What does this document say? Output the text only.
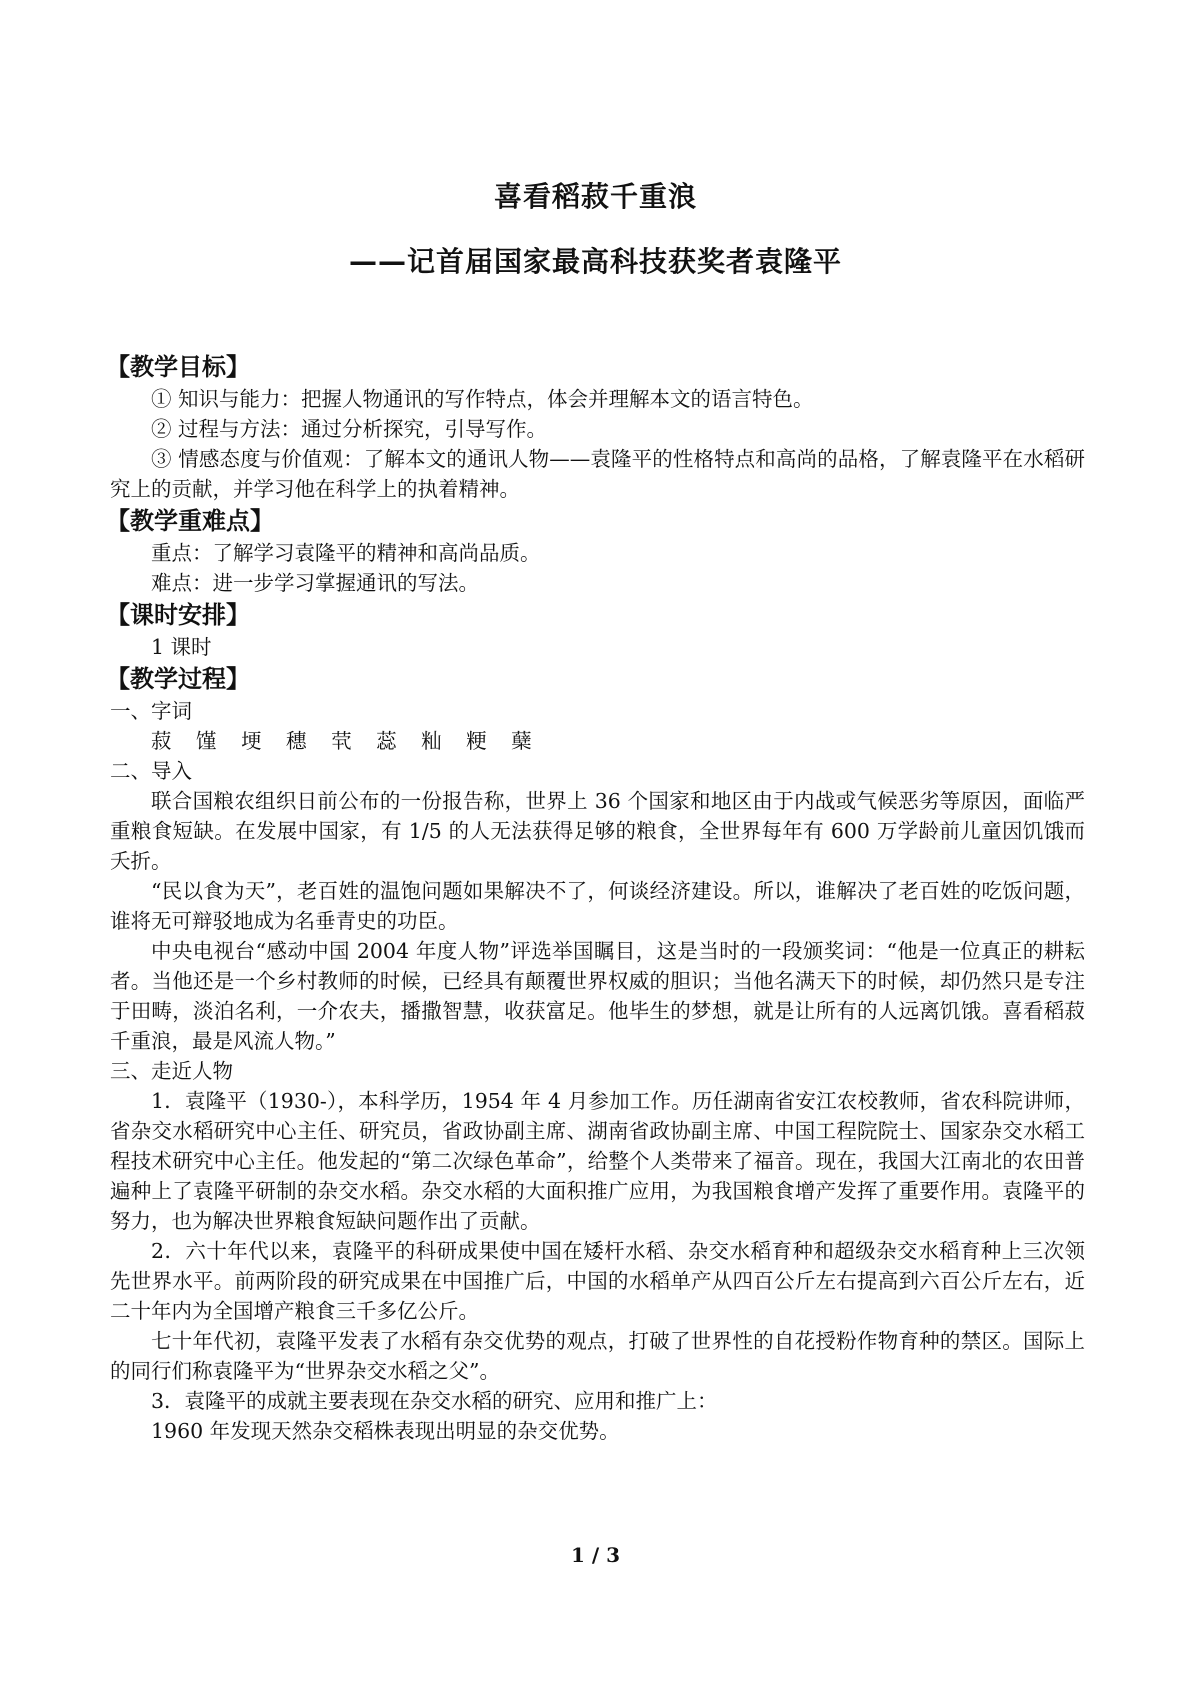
喜看稻菽千重浪
——记首届国家最高科技获奖者袁隆平
【教学目标】

① 知识与能力：把握人物通讯的写作特点，体会并理解本文的语言特色。

② 过程与方法：通过分析探究，引导写作。

③ 情感态度与价值观：了解本文的通讯人物——袁隆平的性格特点和高尚的品格，了解袁隆平在水稻研究上的贡献，并学习他在科学上的执着精神。

【教学重难点】

重点：了解学习袁隆平的精神和高尚品质。

难点：进一步学习掌握通讯的写法。

【课时安排】

1 课时

【教学过程】

一、字词

菽 馑 埂 穗 茕 蕊 籼 粳 蘖

二、导入

联合国粮农组织日前公布的一份报告称，世界上 36 个国家和地区由于内战或气候恶劣等原因，面临严重粮食短缺。在发展中国家，有 1/5 的人无法获得足够的粮食，全世界每年有 600 万学龄前儿童因饥饿而夭折。

“民以食为天”，老百姓的温饱问题如果解决不了，何谈经济建设。所以，谁解决了老百姓的吃饭问题，谁将无可辩驳地成为名垂青史的功臣。

中央电视台“感动中国 2004 年度人物”评选举国瞩目，这是当时的一段颁奖词：“他是一位真正的耕耘者。当他还是一个乡村教师的时候，已经具有颠覆世界权威的胆识；当他名满天下的时候，却仍然只是专注于田畴，淡泊名利，一介农夫，播撒智慧，收获富足。他毕生的梦想，就是让所有的人远离饥饿。喜看稻菽千重浪，最是风流人物。”

三、走近人物

1．袁隆平（1930-），本科学历，1954 年 4 月参加工作。历任湖南省安江农校教师，省农科院讲师，省杂交水稻研究中心主任、研究员，省政协副主席、湖南省政协副主席、中国工程院院士、国家杂交水稻工程技术研究中心主任。他发起的“第二次绿色革命”，给整个人类带来了福音。现在，我国大江南北的农田普遍种上了袁隆平研制的杂交水稻。杂交水稻的大面积推广应用，为我国粮食增产发挥了重要作用。袁隆平的努力，也为解决世界粮食短缺问题作出了贡献。

2．六十年代以来，袁隆平的科研成果使中国在矮杆水稻、杂交水稻育种和超级杂交水稻育种上三次领先世界水平。前两阶段的研究成果在中国推广后，中国的水稻单产从四百公斤左右提高到六百公斤左右，近二十年内为全国增产粮食三千多亿公斤。

七十年代初，袁隆平发表了水稻有杂交优势的观点，打破了世界性的自花授粉作物育种的禁区。国际上的同行们称袁隆平为“世界杂交水稻之父”。

3．袁隆平的成就主要表现在杂交水稻的研究、应用和推广上：

1960 年发现天然杂交稻株表现出明显的杂交优势。

1 / 3
